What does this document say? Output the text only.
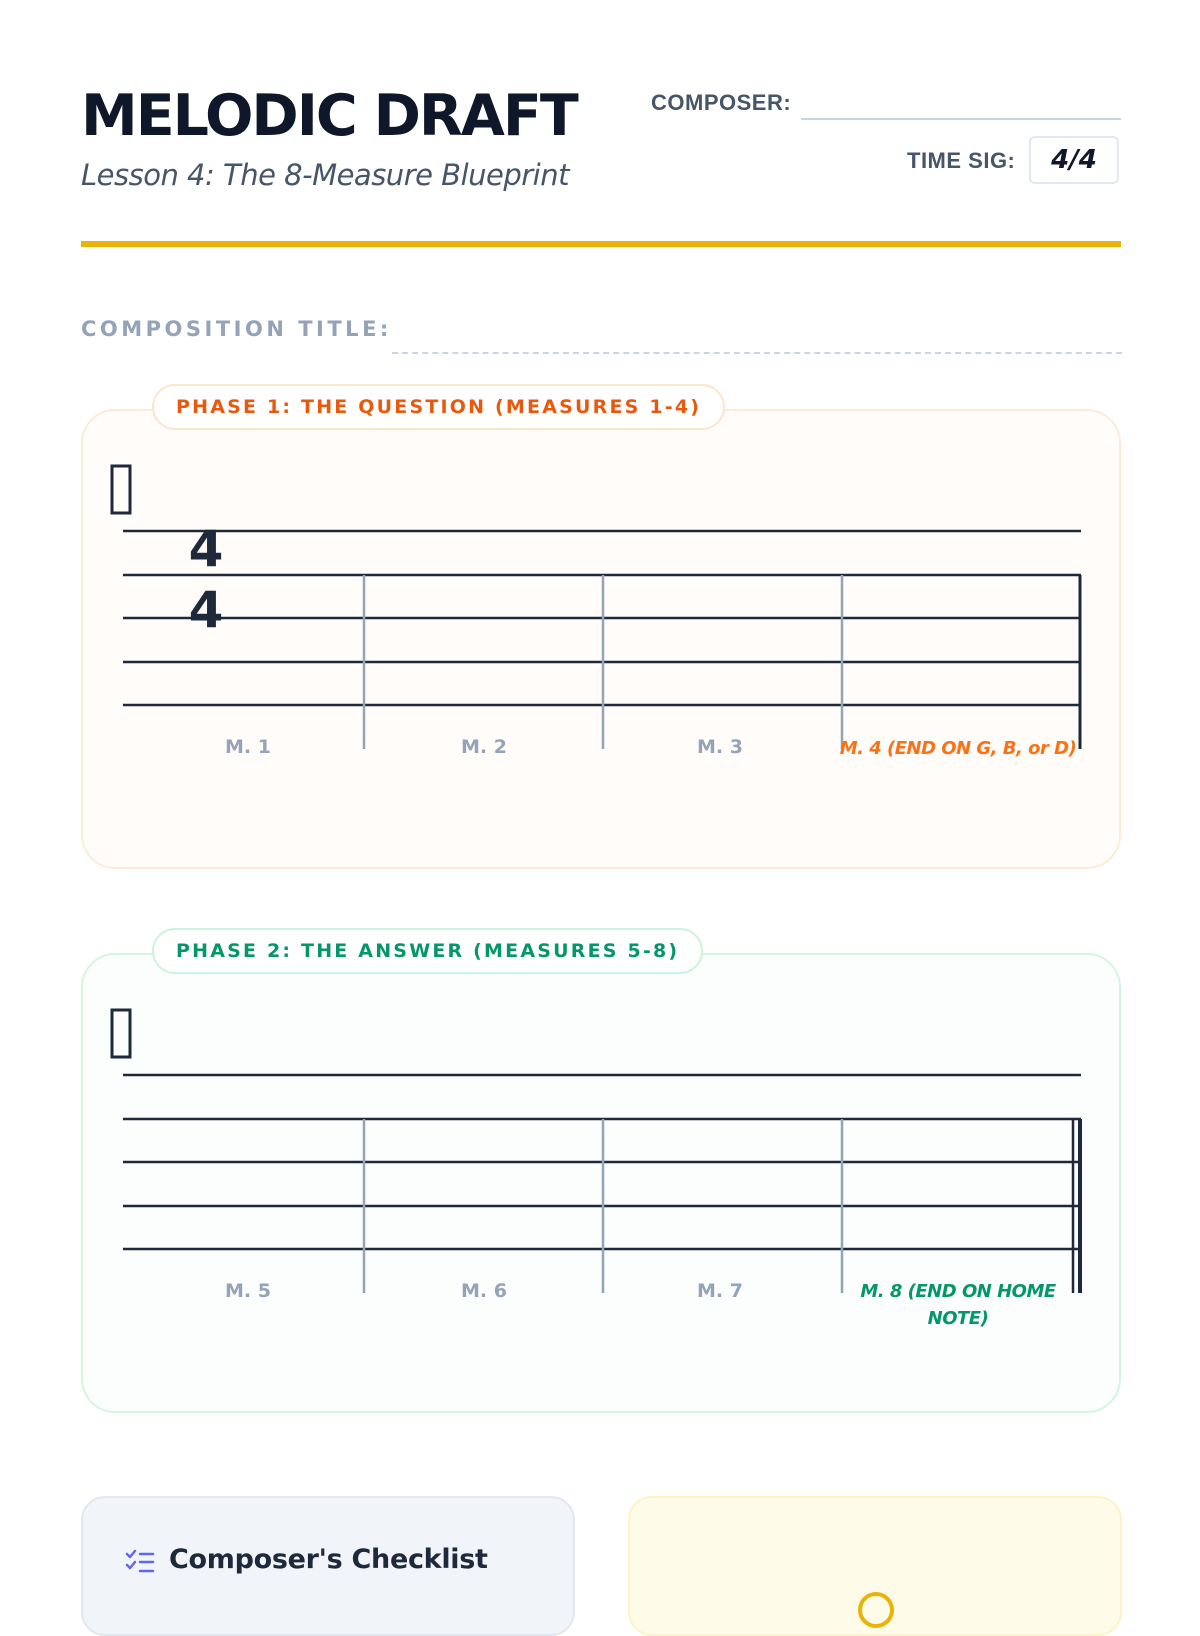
MELODIC DRAFT
Lesson 4: The 8-Measure Blueprint
COMPOSER:
TIME SIG:	4/4
COMPOSITION TITLE:
PHASE 1: THE QUESTION (MEASURES 1-4)
4
4
M. 1	M. 2	M. 3	M. 4 (END ON G, B, or D)
PHASE 2: THE ANSWER (MEASURES 5-8)
M. 5	M. 6	M. 7	M. 8 (END ON HOME NOTE)
Composer's Checklist
